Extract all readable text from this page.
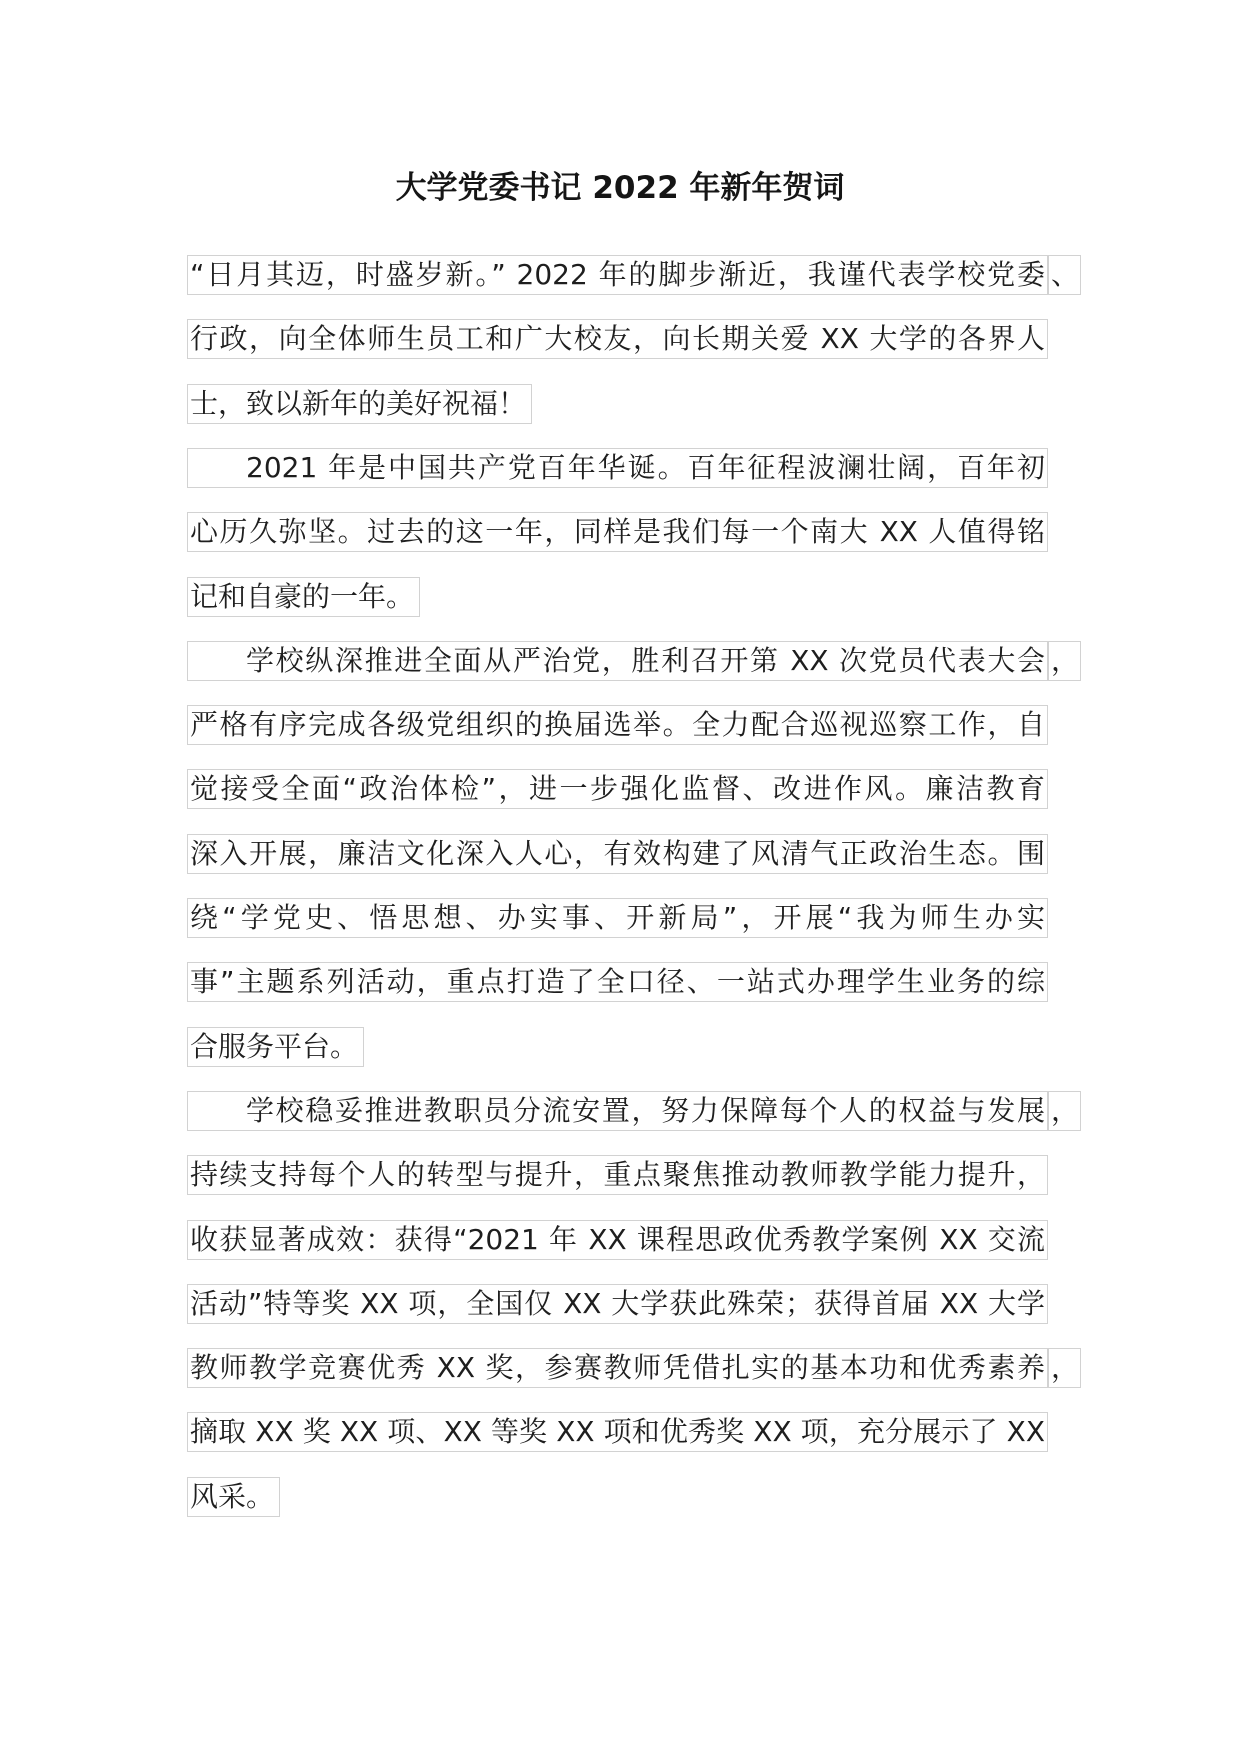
大学党委书记 2022 年新年贺词
“日月其迈，时盛岁新。” 2022 年的脚步渐近，我谨代表学校党委 、
行政，向全体师生员工和广大校友，向长期关爱 XX 大学的各界人
士，致以新年的美好祝福！
2021 年是中国共产党百年华诞。百年征程波澜壮阔，百年初
心历久弥坚。过去的这一年，同样是我们每一个南大 XX 人值得铭
记和自豪的一年。
学校纵深推进全面从严治党，胜利召开第 XX 次党员代表大会 ，
严格有序完成各级党组织的换届选举。全力配合巡视巡察工作，自
觉接受全面“政治体检”，进一步强化监督、改进作风。廉洁教育
深入开展，廉洁文化深入人心，有效构建了风清气正政治生态。围
绕“学党史、悟思想、办实事、开新局”，开展“我为师生办实
事”主题系列活动，重点打造了全口径、一站式办理学生业务的综
合服务平台。
学校稳妥推进教职员分流安置，努力保障每个人的权益与发展 ，
持续支持每个人的转型与提升，重点聚焦推动教师教学能力提升，
收获显著成效：获得“2021 年 XX 课程思政优秀教学案例 XX 交流
活动”特等奖 XX 项，全国仅 XX 大学获此殊荣；获得首届 XX 大学
教师教学竞赛优秀 XX 奖，参赛教师凭借扎实的基本功和优秀素养 ，
摘取 XX 奖 XX 项、XX 等奖 XX 项和优秀奖 XX 项，充分展示了 XX
风采。
